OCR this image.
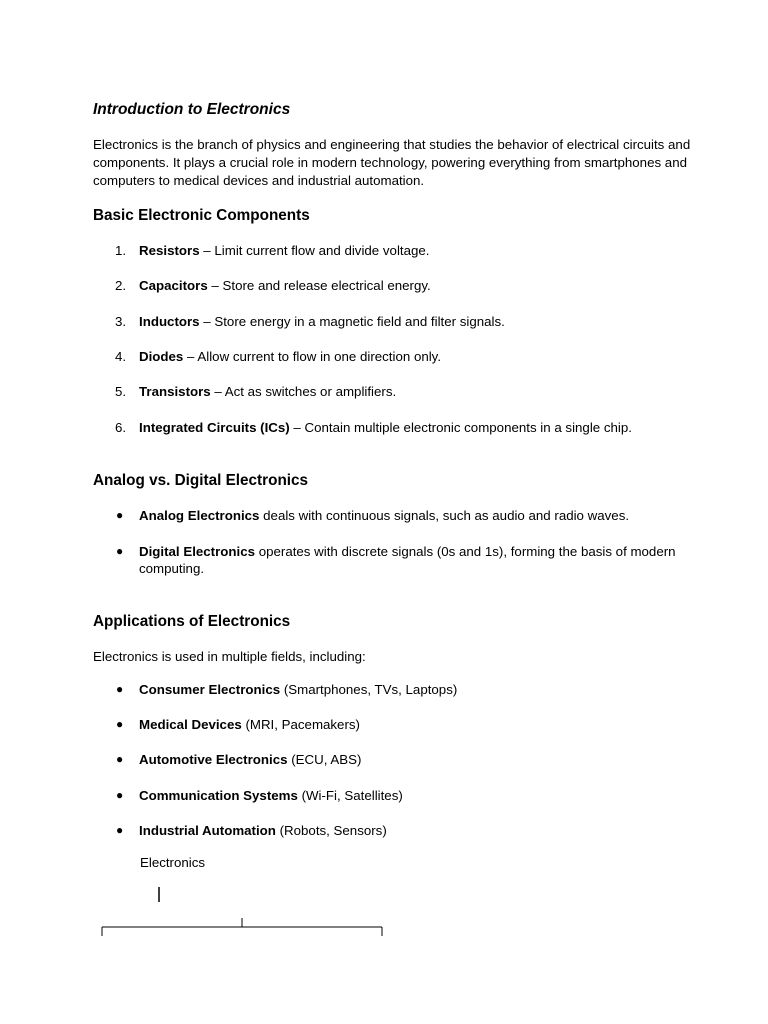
Introduction to Electronics

Electronics is the branch of physics and engineering that studies the behavior of electrical circuits and components. It plays a crucial role in modern technology, powering everything from smartphones and computers to medical devices and industrial automation.

Basic Electronic Components
1. Resistors – Limit current flow and divide voltage.

2. Capacitors – Store and release electrical energy.

3. Inductors – Store energy in a magnetic field and filter signals.

4. Diodes – Allow current to flow in one direction only.

5. Transistors – Act as switches or amplifiers.

6. Integrated Circuits (ICs) – Contain multiple electronic components in a single chip.

Analog vs. Digital Electronics
● Analog Electronics deals with continuous signals, such as audio and radio waves.

● Digital Electronics operates with discrete signals (0s and 1s), forming the basis of modern computing.

Applications of Electronics

Electronics is used in multiple fields, including:

● Consumer Electronics (Smartphones, TVs, Laptops)

● Medical Devices (MRI, Pacemakers)

● Automotive Electronics (ECU, ABS)

● Communication Systems (Wi-Fi, Satellites)

● Industrial Automation (Robots, Sensors)

Electronics
